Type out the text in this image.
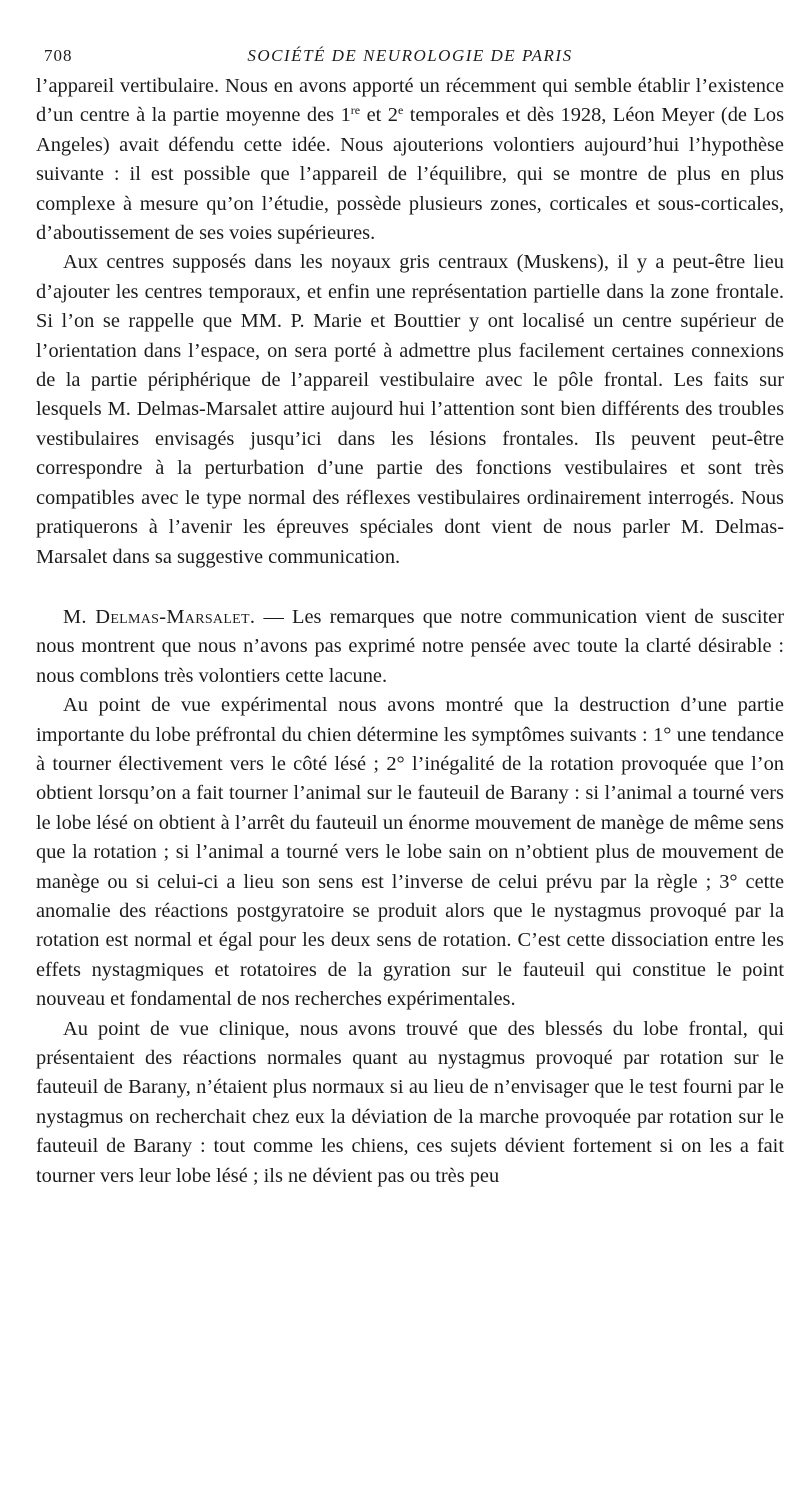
708	SOCIÉTÉ DE NEUROLOGIE DE PARIS

l’appareil vertibulaire. Nous en avons apporté un récemment qui semble établir l’existence d’un centre à la partie moyenne des 1re et 2e temporales et dès 1928, Léon Meyer (de Los Angeles) avait défendu cette idée. Nous ajouterions volontiers aujourd’hui l’hypothèse suivante : il est possible que l’appareil de l’équilibre, qui se montre de plus en plus complexe à mesure qu’on l’étudie, possède plusieurs zones, corticales et sous-corticales, d’aboutissement de ses voies supérieures.

Aux centres supposés dans les noyaux gris centraux (Muskens), il y a peut-être lieu d’ajouter les centres temporaux, et enfin une représentation partielle dans la zone frontale. Si l’on se rappelle que MM. P. Marie et Bouttier y ont localisé un centre supérieur de l’orientation dans l’espace, on sera porté à admettre plus facilement certaines connexions de la partie périphérique de l’appareil vestibulaire avec le pôle frontal. Les faits sur lesquels M. Delmas-Marsalet attire aujourd hui l’attention sont bien différents des troubles vestibulaires envisagés jusqu’ici dans les lésions frontales. Ils peuvent peut-être correspondre à la perturbation d’une partie des fonctions vestibulaires et sont très compatibles avec le type normal des réflexes vestibulaires ordinairement interrogés. Nous pratiquerons à l’avenir les épreuves spéciales dont vient de nous parler M. Delmas-Marsalet dans sa suggestive communication.

M. Delmas-Marsalet. — Les remarques que notre communication vient de susciter nous montrent que nous n’avons pas exprimé notre pensée avec toute la clarté désirable : nous comblons très volontiers cette lacune.

Au point de vue expérimental nous avons montré que la destruction d’une partie importante du lobe préfrontal du chien détermine les symptômes suivants : 1° une tendance à tourner électivement vers le côté lésé ; 2° l’inégalité de la rotation provoquée que l’on obtient lorsqu’on a fait tourner l’animal sur le fauteuil de Barany : si l’animal a tourné vers le lobe lésé on obtient à l’arrêt du fauteuil un énorme mouvement de manège de même sens que la rotation ; si l’animal a tourné vers le lobe sain on n’obtient plus de mouvement de manège ou si celui-ci a lieu son sens est l’inverse de celui prévu par la règle ; 3° cette anomalie des réactions postgyratoire se produit alors que le nystagmus provoqué par la rotation est normal et égal pour les deux sens de rotation. C’est cette dissociation entre les effets nystagmiques et rotatoires de la gyration sur le fauteuil qui constitue le point nouveau et fondamental de nos recherches expérimentales.

Au point de vue clinique, nous avons trouvé que des blessés du lobe frontal, qui présentaient des réactions normales quant au nystagmus provoqué par rotation sur le fauteuil de Barany, n’étaient plus normaux si au lieu de n’envisager que le test fourni par le nystagmus on recherchait chez eux la déviation de la marche provoquée par rotation sur le fauteuil de Barany : tout comme les chiens, ces sujets dévient fortement si on les a fait tourner vers leur lobe lésé ; ils ne dévient pas ou très peu
